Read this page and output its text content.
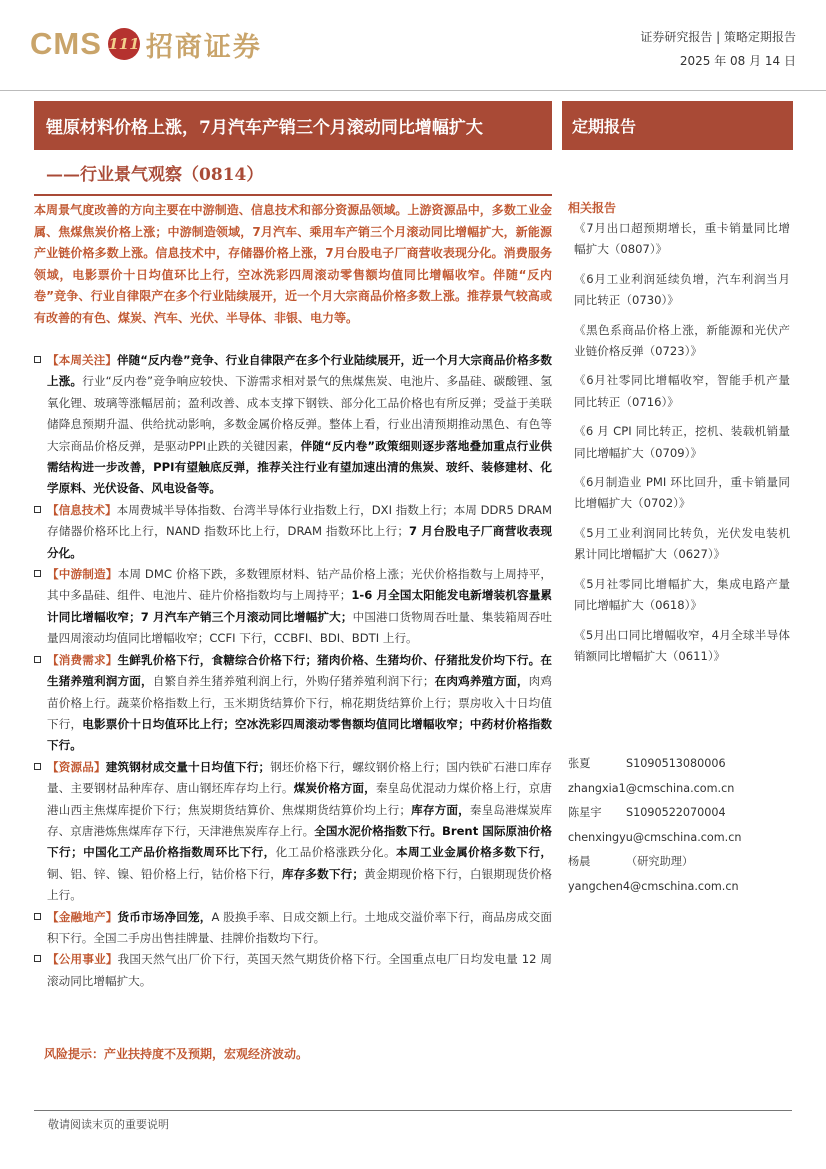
CMS 111 招商证券	证券研究报告 | 策略定期报告
2025 年 08 月 14 日
锂原材料价格上涨，7月汽车产销三个月滚动同比增幅扩大
——行业景气观察（0814）
定期报告

本周景气度改善的方向主要在中游制造、信息技术和部分资源品领域。上游资源品中，多数工业金属、焦煤焦炭价格上涨；中游制造领域，7月汽车、乘用车产销三个月滚动同比增幅扩大，新能源产业链价格多数上涨。信息技术中，存储器价格上涨，7月台股电子厂商营收表现分化。消费服务领域，电影票价十日均值环比上行，空冰洗彩四周滚动零售额均值同比增幅收窄。伴随“反内卷”竞争、行业自律限产在多个行业陆续展开，近一个月大宗商品价格多数上涨。推荐景气较高或有改善的有色、煤炭、汽车、光伏、半导体、非银、电力等。

【本周关注】伴随“反内卷”竞争、行业自律限产在多个行业陆续展开，近一个月大宗商品价格多数上涨。行业“反内卷”竞争响应较快、下游需求相对景气的焦煤焦炭、电池片、多晶硅、碳酸锂、氢氧化锂、玻璃等涨幅居前；盈利改善、成本支撑下钢铁、部分化工品价格也有所反弹；受益于美联储降息预期升温、供给扰动影响，多数金属价格反弹。整体上看，行业出清预期推动黑色、有色等大宗商品价格反弹，是驱动PPI止跌的关键因素，伴随“反内卷”政策细则逐步落地叠加重点行业供需结构进一步改善，PPI有望触底反弹，推荐关注行业有望加速出清的焦炭、玻纤、装修建材、化学原料、光伏设备、风电设备等。
【信息技术】本周费城半导体指数、台湾半导体行业指数上行，DXI 指数上行；本周 DDR5 DRAM 存储器价格环比上行，NAND 指数环比上行，DRAM 指数环比上行；7 月台股电子厂商营收表现分化。
【中游制造】本周 DMC 价格下跌，多数锂原材料、钴产品价格上涨；光伏价格指数与上周持平，其中多晶硅、组件、电池片、硅片价格指数均与上周持平；1-6 月全国太阳能发电新增装机容量累计同比增幅收窄；7 月汽车产销三个月滚动同比增幅扩大；中国港口货物周吞吐量、集装箱周吞吐量四周滚动均值同比增幅收窄；CCFI 下行，CCBFI、BDI、BDTI 上行。
【消费需求】生鲜乳价格下行，食糖综合价格下行；猪肉价格、生猪均价、仔猪批发价均下行。在生猪养殖利润方面，自繁自养生猪养殖利润上行，外购仔猪养殖利润下行；在肉鸡养殖方面，肉鸡苗价格上行。蔬菜价格指数上行，玉米期货结算价下行，棉花期货结算价上行；票房收入十日均值下行，电影票价十日均值环比上行；空冰洗彩四周滚动零售额均值同比增幅收窄；中药材价格指数下行。
【资源品】建筑钢材成交量十日均值下行；钢坯价格下行，螺纹钢价格上行；国内铁矿石港口库存量、主要钢材品种库存、唐山钢坯库存均上行。煤炭价格方面，秦皇岛优混动力煤价格上行，京唐港山西主焦煤库提价下行；焦炭期货结算价、焦煤期货结算价均上行；库存方面，秦皇岛港煤炭库存、京唐港炼焦煤库存下行，天津港焦炭库存上行。全国水泥价格指数下行。Brent 国际原油价格下行；中国化工产品价格指数周环比下行，化工品价格涨跌分化。本周工业金属价格多数下行，铜、铝、锌、镍、铅价格上行，钴价格下行，库存多数下行；黄金期现价格下行，白银期现货价格上行。
【金融地产】货币市场净回笼，A 股换手率、日成交额上行。土地成交溢价率下行，商品房成交面积下行。全国二手房出售挂牌量、挂牌价指数均下行。
【公用事业】我国天然气出厂价下行，英国天然气期货价格下行。全国重点电厂日均发电量 12 周滚动同比增幅扩大。
风险提示：产业扶持度不及预期，宏观经济波动。
相关报告
《7月出口超预期增长，重卡销量同比增幅扩大（0807）》
《6月工业利润延续负增，汽车利润当月同比转正（0730）》
《黑色系商品价格上涨，新能源和光伏产业链价格反弹（0723）》
《6月社零同比增幅收窄，智能手机产量同比转正（0716）》
《6 月 CPI 同比转正，挖机、装载机销量同比增幅扩大（0709）》
《6月制造业 PMI 环比回升，重卡销量同比增幅扩大（0702）》
《5月工业利润同比转负，光伏发电装机累计同比增幅扩大（0627）》
《5月社零同比增幅扩大，集成电路产量同比增幅扩大（0618）》
《5月出口同比增幅收窄，4月全球半导体销额同比增幅扩大（0611）》
张夏	S1090513080006
zhangxia1@cmschina.com.cn
陈星宇	S1090522070004
chenxingyu@cmschina.com.cn
杨晨	（研究助理）
yangchen4@cmschina.com.cn
敬请阅读末页的重要说明
